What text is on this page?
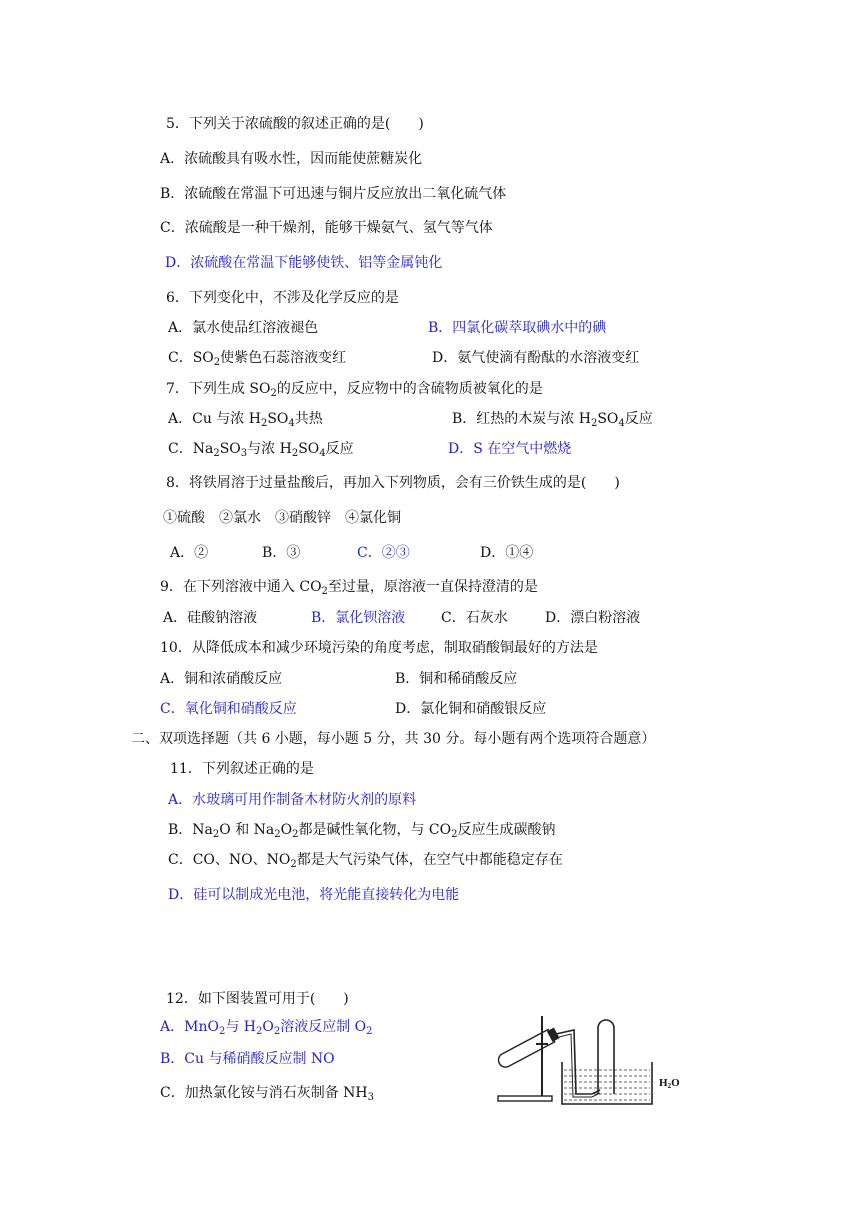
5．下列关于浓硫酸的叙述正确的是(　　)
A．浓硫酸具有吸水性，因而能使蔗糖炭化
B．浓硫酸在常温下可迅速与铜片反应放出二氧化硫气体
C．浓硫酸是一种干燥剂，能够干燥氨气、氢气等气体
D．浓硫酸在常温下能够使铁、铝等金属钝化
6．下列变化中，不涉及化学反应的是
A．氯水使品红溶液褪色	B．四氯化碳萃取碘水中的碘
C．$SO_2$使紫色石蕊溶液变红	D．氨气使滴有酚酞的水溶液变红
7．下列生成 $SO_2$的反应中，反应物中的含硫物质被氧化的是
A．Cu 与浓 $H_2SO_4$共热	B．红热的木炭与浓 $H_2SO_4$反应
C．$Na_2SO_3$与浓 $H_2SO_4$反应	D．S 在空气中燃烧
8．将铁屑溶于过量盐酸后，再加入下列物质，会有三价铁生成的是(　　)
①硫酸　②氯水　③硝酸锌　④氯化铜
A．②	B．③	C．②③	D．①④
9．在下列溶液中通入 $CO_2$至过量，原溶液一直保持澄清的是
A．硅酸钠溶液	B．氯化钡溶液	C．石灰水	D．漂白粉溶液
10．从降低成本和减少环境污染的角度考虑，制取硝酸铜最好的方法是
A．铜和浓硝酸反应	B．铜和稀硝酸反应
C．氧化铜和硝酸反应	D．氯化铜和硝酸银反应
二、双项选择题（共 6 小题，每小题 5 分，共 30 分。每小题有两个选项符合题意）
11．下列叙述正确的是
A．水玻璃可用作制备木材防火剂的原料
B．$Na_2O$ 和 $Na_2O_2$都是碱性氧化物，与 $CO_2$反应生成碳酸钠
C．CO、NO、$NO_2$都是大气污染气体，在空气中都能稳定存在
D．硅可以制成光电池，将光能直接转化为电能
12．如下图装置可用于(　　)
A．MnO$_2$与 $H_2O_2$溶液反应制 $O_2$
B．Cu 与稀硝酸反应制 NO
C．加热氯化铵与消石灰制备 $NH_3$
H2O
